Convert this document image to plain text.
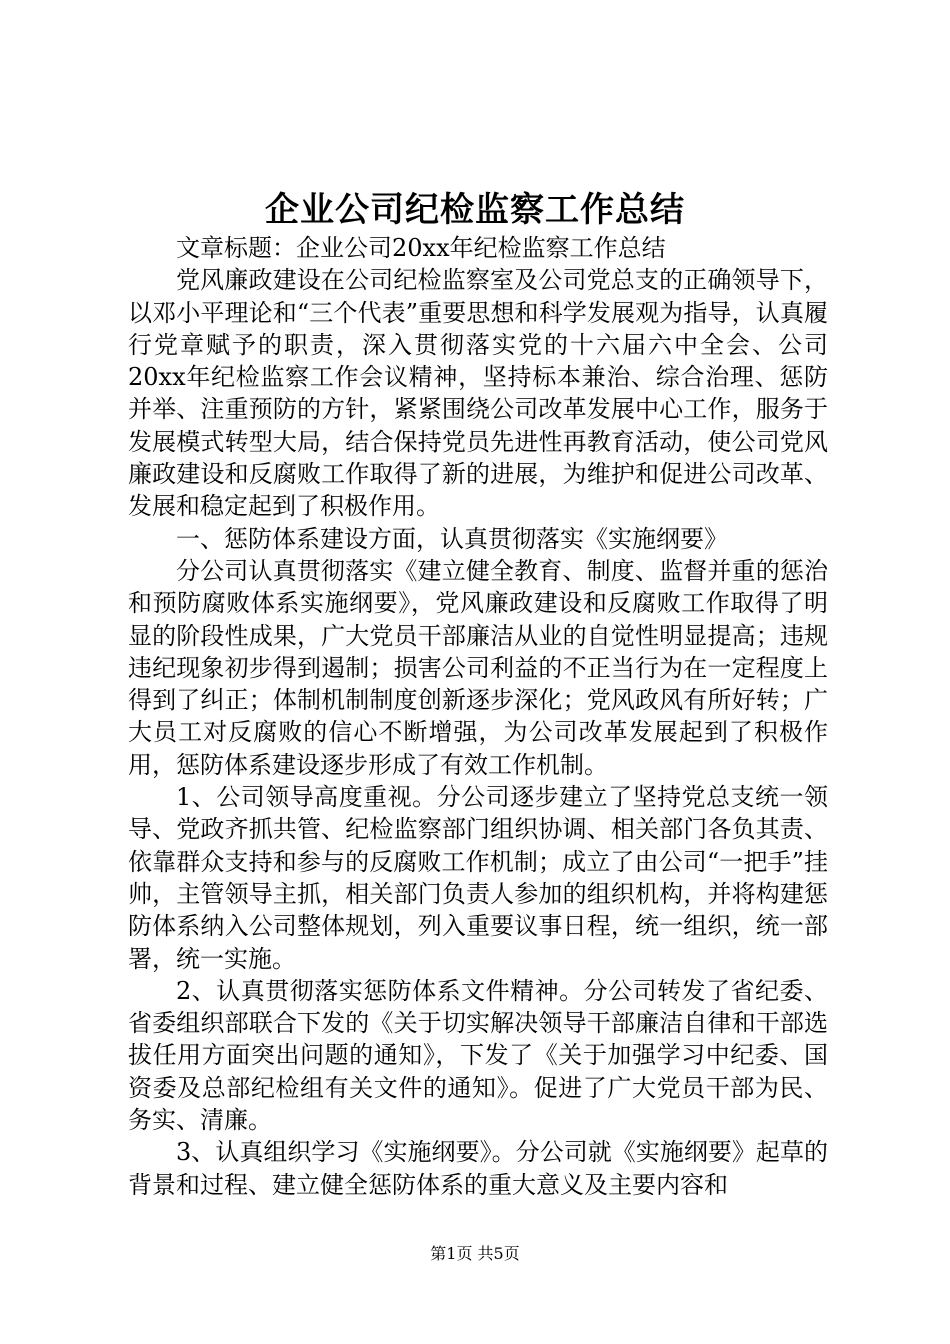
企业公司纪检监察工作总结

文章标题：企业公司20xx年纪检监察工作总结

党风廉政建设在公司纪检监察室及公司党总支的正确领导下，以邓小平理论和“三个代表”重要思想和科学发展观为指导，认真履行党章赋予的职责，深入贯彻落实党的十六届六中全会、公司20xx年纪检监察工作会议精神，坚持标本兼治、综合治理、惩防并举、注重预防的方针，紧紧围绕公司改革发展中心工作，服务于发展模式转型大局，结合保持党员先进性再教育活动，使公司党风廉政建设和反腐败工作取得了新的进展，为维护和促进公司改革、发展和稳定起到了积极作用。

一、惩防体系建设方面，认真贯彻落实《实施纲要》

分公司认真贯彻落实《建立健全教育、制度、监督并重的惩治和预防腐败体系实施纲要》，党风廉政建设和反腐败工作取得了明显的阶段性成果，广大党员干部廉洁从业的自觉性明显提高；违规违纪现象初步得到遏制；损害公司利益的不正当行为在一定程度上得到了纠正；体制机制制度创新逐步深化；党风政风有所好转；广大员工对反腐败的信心不断增强，为公司改革发展起到了积极作用，惩防体系建设逐步形成了有效工作机制。

1、公司领导高度重视。分公司逐步建立了坚持党总支统一领导、党政齐抓共管、纪检监察部门组织协调、相关部门各负其责、依靠群众支持和参与的反腐败工作机制；成立了由公司“一把手”挂帅，主管领导主抓，相关部门负责人参加的组织机构，并将构建惩防体系纳入公司整体规划，列入重要议事日程，统一组织，统一部署，统一实施。

2、认真贯彻落实惩防体系文件精神。分公司转发了省纪委、省委组织部联合下发的《关于切实解决领导干部廉洁自律和干部选拔任用方面突出问题的通知》，下发了《关于加强学习中纪委、国资委及总部纪检组有关文件的通知》。促进了广大党员干部为民、务实、清廉。

3、认真组织学习《实施纲要》。分公司就《实施纲要》起草的背景和过程、建立健全惩防体系的重大意义及主要内容和

第1页 共5页
